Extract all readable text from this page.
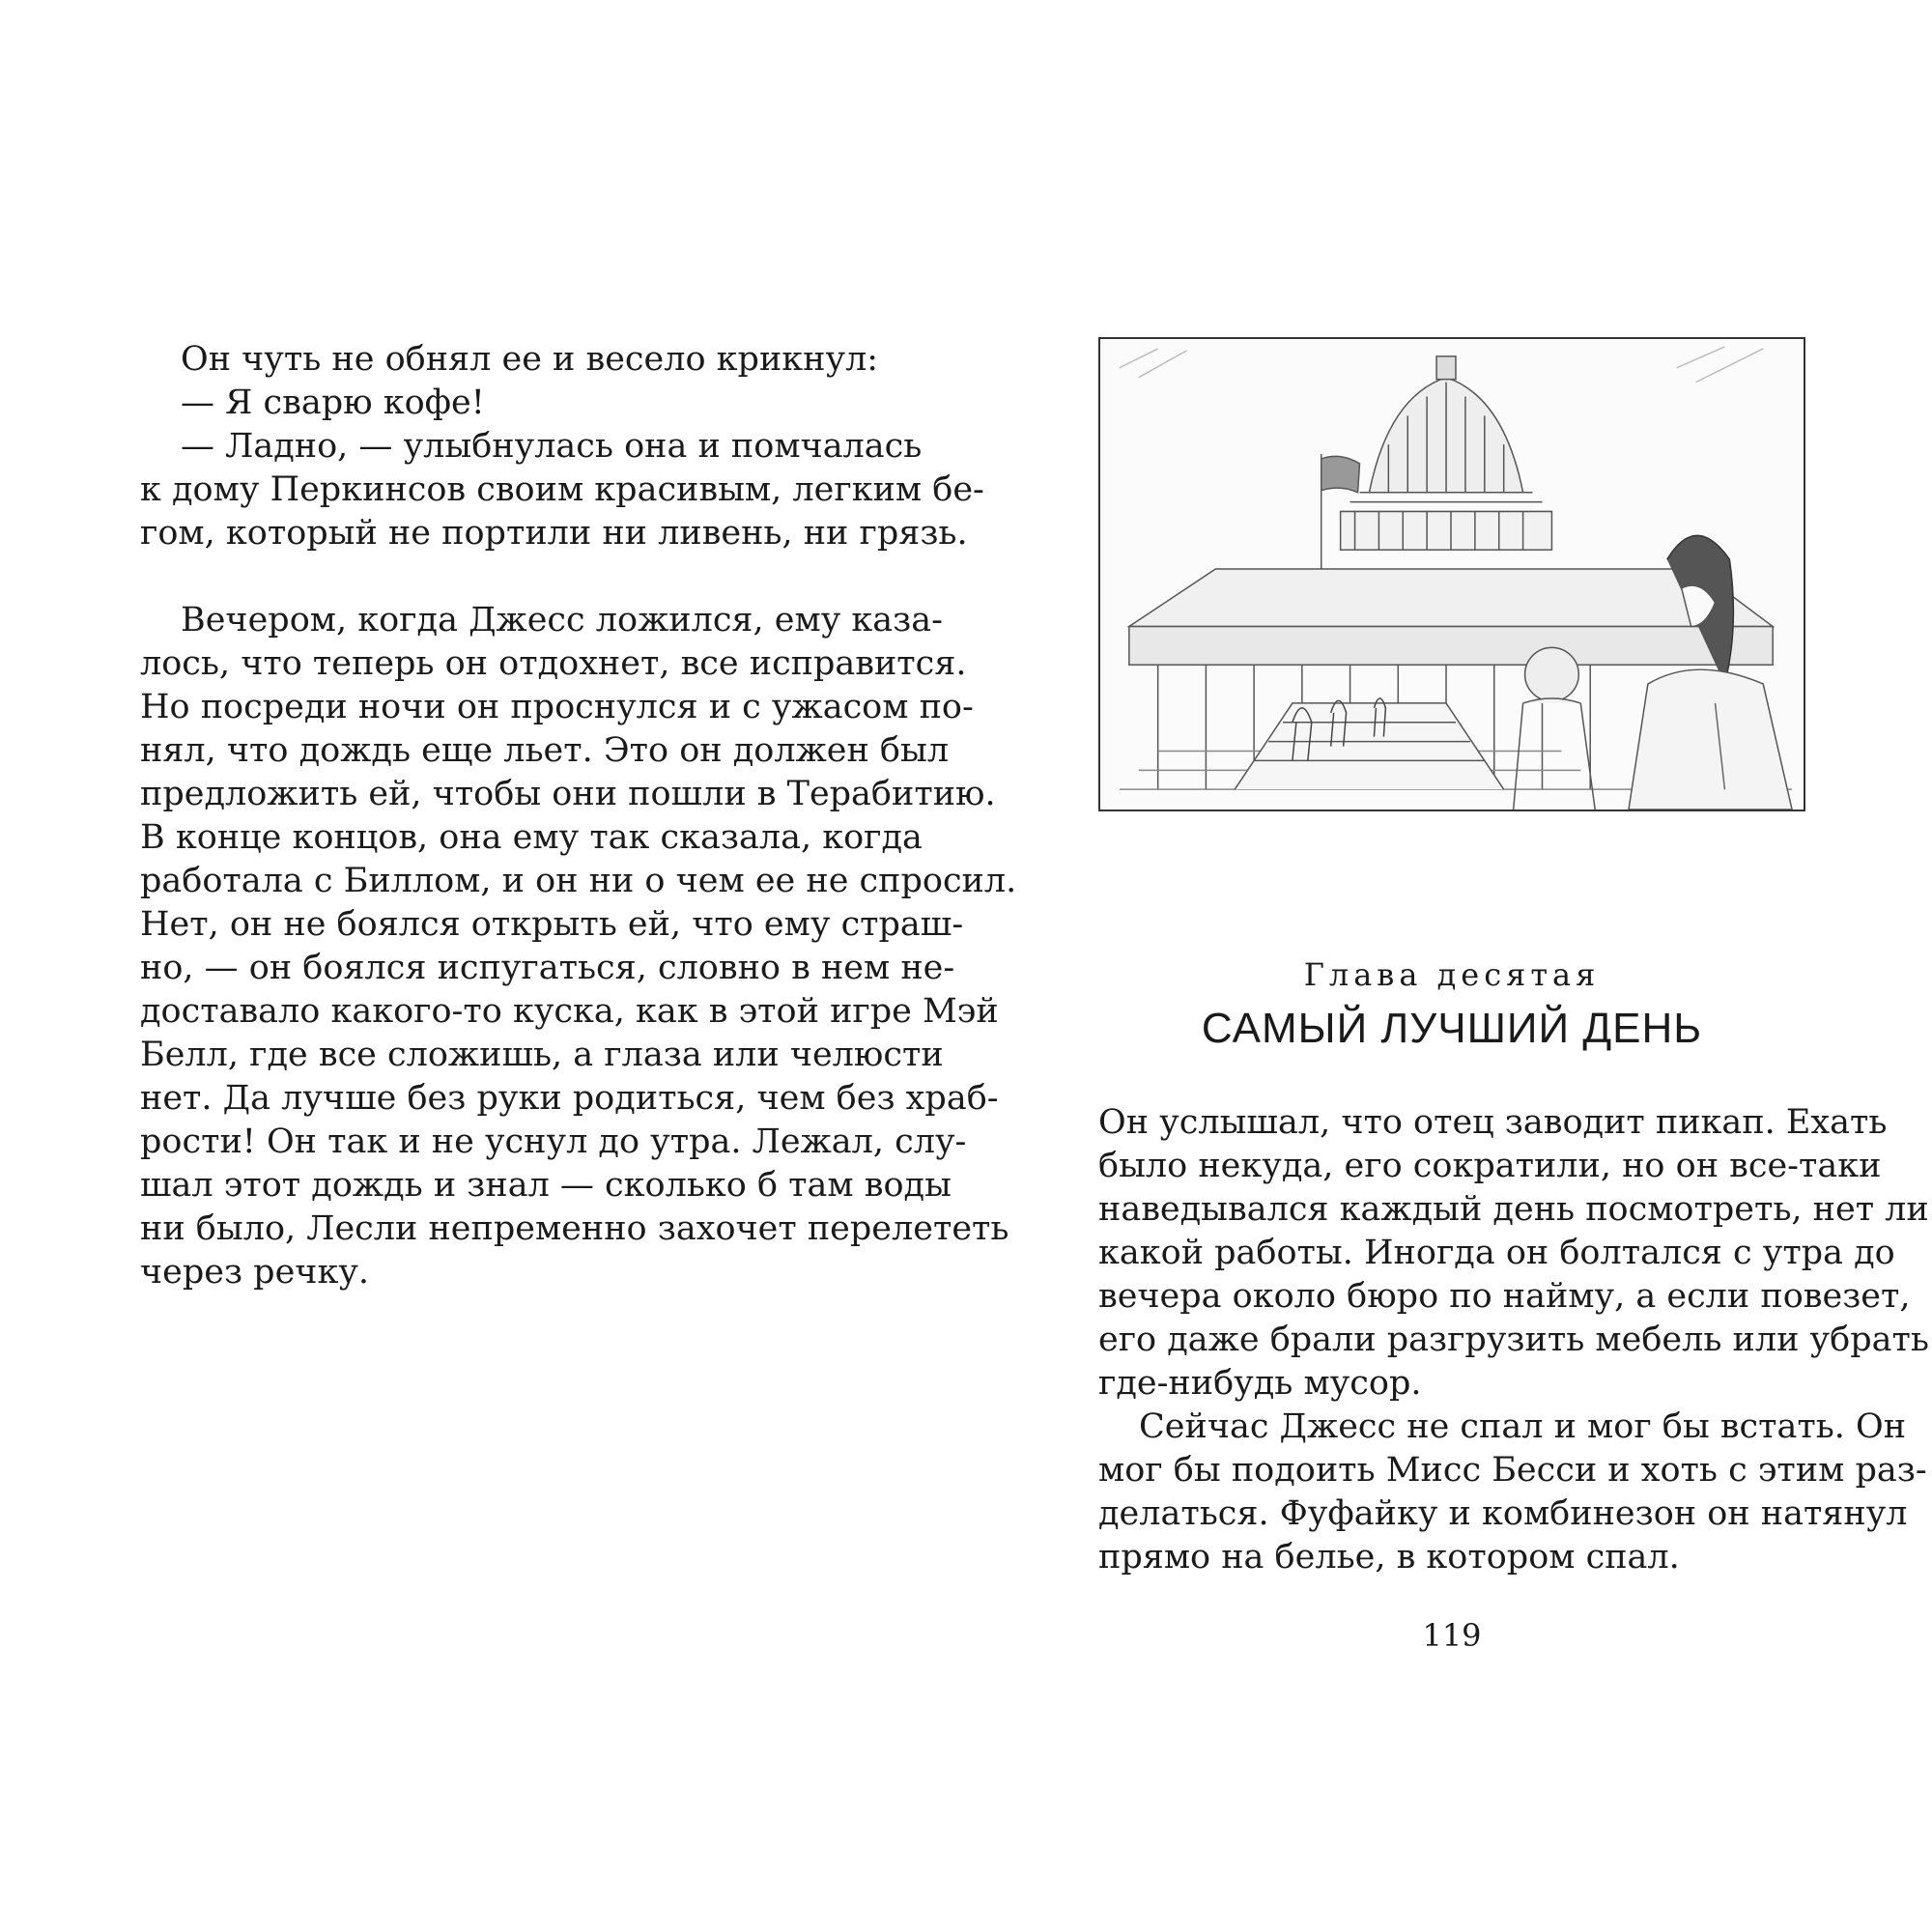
Он чуть не обнял ее и весело крикнул:

— Я сварю кофе!

— Ладно, — улыбнулась она и помчалась

к дому Перкинсов своим красивым, легким бе-

гом, который не портили ни ливень, ни грязь.

Вечером, когда Джесс ложился, ему каза-

лось, что теперь он отдохнет, все исправится.

Но посреди ночи он проснулся и с ужасом по-

нял, что дождь еще льет. Это он должен был

предложить ей, чтобы они пошли в Терабитию.

В конце концов, она ему так сказала, когда

работала с Биллом, и он ни о чем ее не спросил.

Нет, он не боялся открыть ей, что ему страш-

но, — он боялся испугаться, словно в нем не-

доставало какого-то куска, как в этой игре Мэй

Белл, где все сложишь, а глаза или челюсти

нет. Да лучше без руки родиться, чем без храб-

рости! Он так и не уснул до утра. Лежал, слу-

шал этот дождь и знал — сколько б там воды

ни было, Лесли непременно захочет перелететь

через речку.

Глава десятая

САМЫЙ ЛУЧШИЙ ДЕНЬ

Он услышал, что отец заводит пикап. Ехать

было некуда, его сократили, но он все-таки

наведывался каждый день посмотреть, нет ли

какой работы. Иногда он болтался с утра до

вечера около бюро по найму, а если повезет,

его даже брали разгрузить мебель или убрать

где-нибудь мусор.

Сейчас Джесс не спал и мог бы встать. Он

мог бы подоить Мисс Бесси и хоть с этим раз-

делаться. Фуфайку и комбинезон он натянул

прямо на белье, в котором спал.

119
